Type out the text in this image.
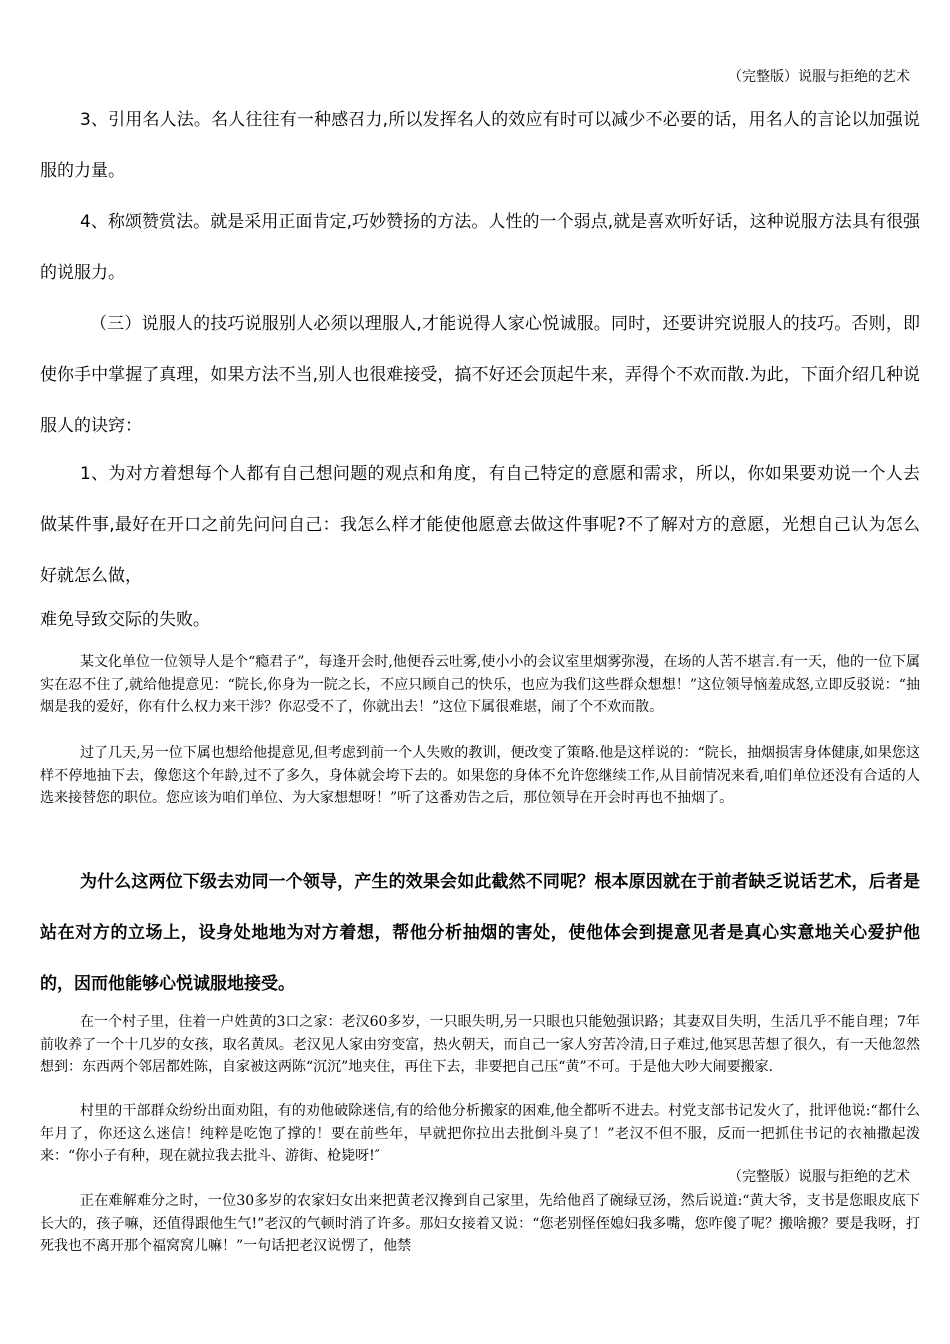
（完整版）说服与拒绝的艺术

3、引用名人法。名人往往有一种感召力,所以发挥名人的效应有时可以减少不必要的话，用名人的言论以加强说服的力量。

4、称颂赞赏法。就是采用正面肯定,巧妙赞扬的方法。人性的一个弱点,就是喜欢听好话，这种说服方法具有很强的说服力。

（三）说服人的技巧说服别人必须以理服人,才能说得人家心悦诚服。同时，还要讲究说服人的技巧。否则，即使你手中掌握了真理，如果方法不当,别人也很难接受，搞不好还会顶起牛来，弄得个不欢而散.为此，下面介绍几种说服人的诀窍：

1、为对方着想每个人都有自己想问题的观点和角度，有自己特定的意愿和需求，所以，你如果要劝说一个人去做某件事,最好在开口之前先问问自己：我怎么样才能使他愿意去做这件事呢?不了解对方的意愿，光想自己认为怎么好就怎么做，

难免导致交际的失败。

某文化单位一位领导人是个“瘾君子”，每逢开会时,他便吞云吐雾,使小小的会议室里烟雾弥漫，在场的人苦不堪言.有一天，他的一位下属实在忍不住了,就给他提意见：“院长,你身为一院之长，不应只顾自己的快乐，也应为我们这些群众想想！”这位领导恼羞成怒,立即反驳说：“抽烟是我的爱好，你有什么权力来干涉？你忍受不了，你就出去！”这位下属很难堪，闹了个不欢而散。

过了几天,另一位下属也想给他提意见,但考虑到前一个人失败的教训，便改变了策略.他是这样说的：“院长，抽烟损害身体健康,如果您这样不停地抽下去，像您这个年龄,过不了多久，身体就会垮下去的。如果您的身体不允许您继续工作,从目前情况来看,咱们单位还没有合适的人选来接替您的职位。您应该为咱们单位、为大家想想呀！”听了这番劝告之后，那位领导在开会时再也不抽烟了。

为什么这两位下级去劝同一个领导，产生的效果会如此截然不同呢？根本原因就在于前者缺乏说话艺术，后者是站在对方的立场上，设身处地地为对方着想，帮他分析抽烟的害处，使他体会到提意见者是真心实意地关心爱护他的，因而他能够心悦诚服地接受。

在一个村子里，住着一户姓黄的3口之家：老汉60多岁，一只眼失明,另一只眼也只能勉强识路；其妻双目失明，生活几乎不能自理；7年前收养了一个十几岁的女孩，取名黄凤。老汉见人家由穷变富，热火朝天，而自己一家人穷苦冷清,日子难过,他冥思苦想了很久，有一天他忽然想到：东西两个邻居都姓陈，自家被这两陈“沉沉”地夹住，再住下去，非要把自己压“黄”不可。于是他大吵大闹要搬家.

村里的干部群众纷纷出面劝阻，有的劝他破除迷信,有的给他分析搬家的困难,他全都听不进去。村党支部书记发火了，批评他说:“都什么年月了，你还这么迷信！纯粹是吃饱了撑的！要在前些年，早就把你拉出去批倒斗臭了！”老汉不但不服，反而一把抓住书记的衣袖撒起泼来：“你小子有种，现在就拉我去批斗、游街、枪毙呀!″

（完整版）说服与拒绝的艺术

正在难解难分之时，一位30多岁的农家妇女出来把黄老汉搀到自己家里，先给他舀了碗绿豆汤，然后说道:“黄大爷，支书是您眼皮底下长大的，孩子嘛，还值得跟他生气!”老汉的气顿时消了许多。那妇女接着又说：“您老别怪侄媳妇我多嘴，您咋傻了呢？搬啥搬？要是我呀，打死我也不离开那个福窝窝儿嘛！”一句话把老汉说愣了，他禁
